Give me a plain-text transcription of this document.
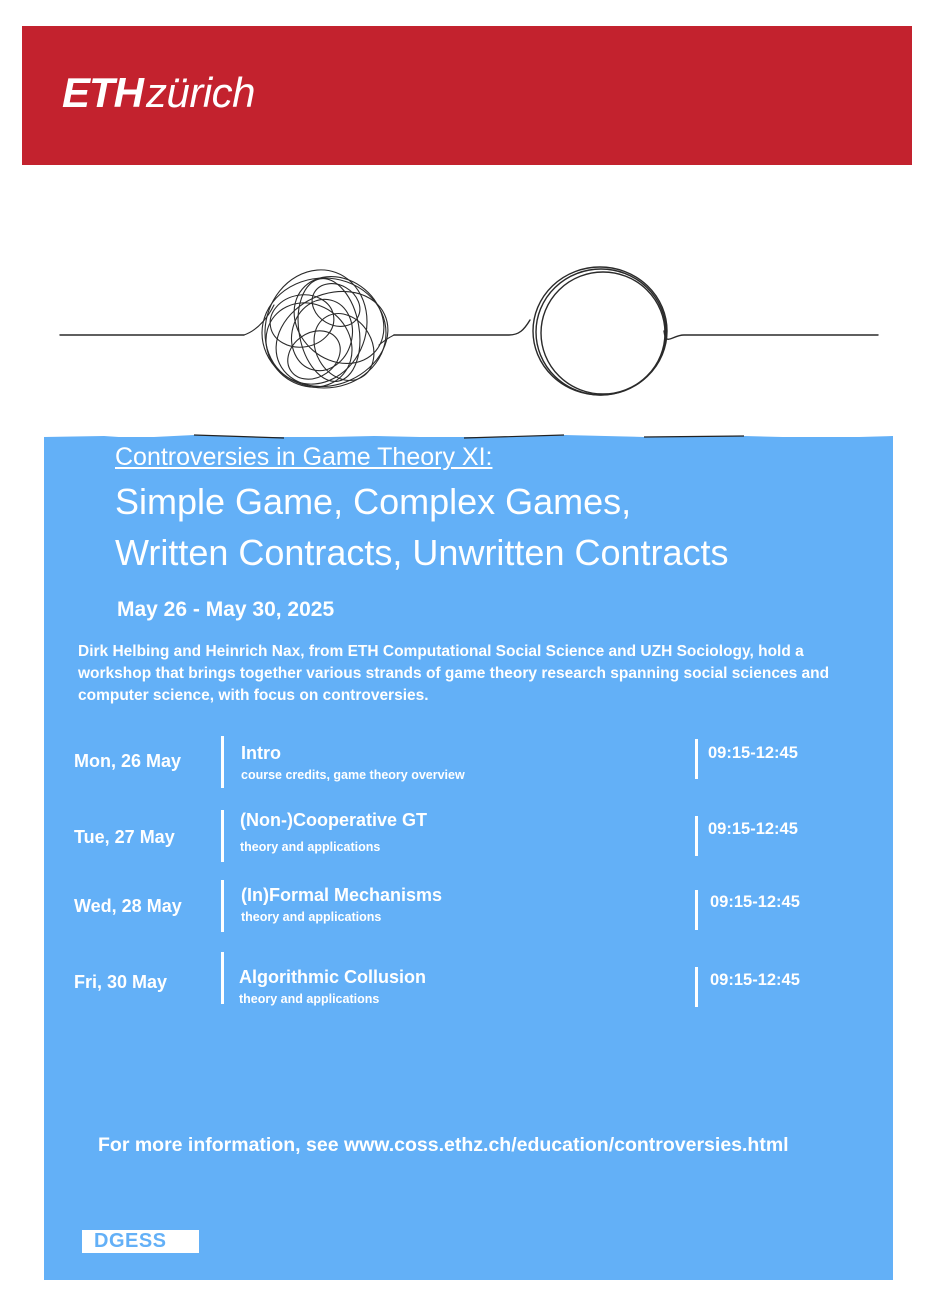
ETHzürich
Controversies in Game Theory XI:
Simple Game, Complex Games,
Written Contracts, Unwritten Contracts
May 26 - May 30, 2025
Dirk Helbing and Heinrich Nax, from ETH Computational Social Science and UZH Sociology, hold a workshop that brings together various strands of game theory research spanning social sciences and computer science, with focus on controversies.
Mon, 26 May	Intro
course credits, game theory overview
09:15-12:45
Tue, 27 May
(Non-)Cooperative GT
theory and applications
09:15-12:45
Wed, 28 May
(In)Formal Mechanisms
theory and applications
09:15-12:45
Fri, 30 May	Algorithmic Collusion
theory and applications
09:15-12:45
For more information, see www.coss.ethz.ch/education/controversies.html
DGESS
